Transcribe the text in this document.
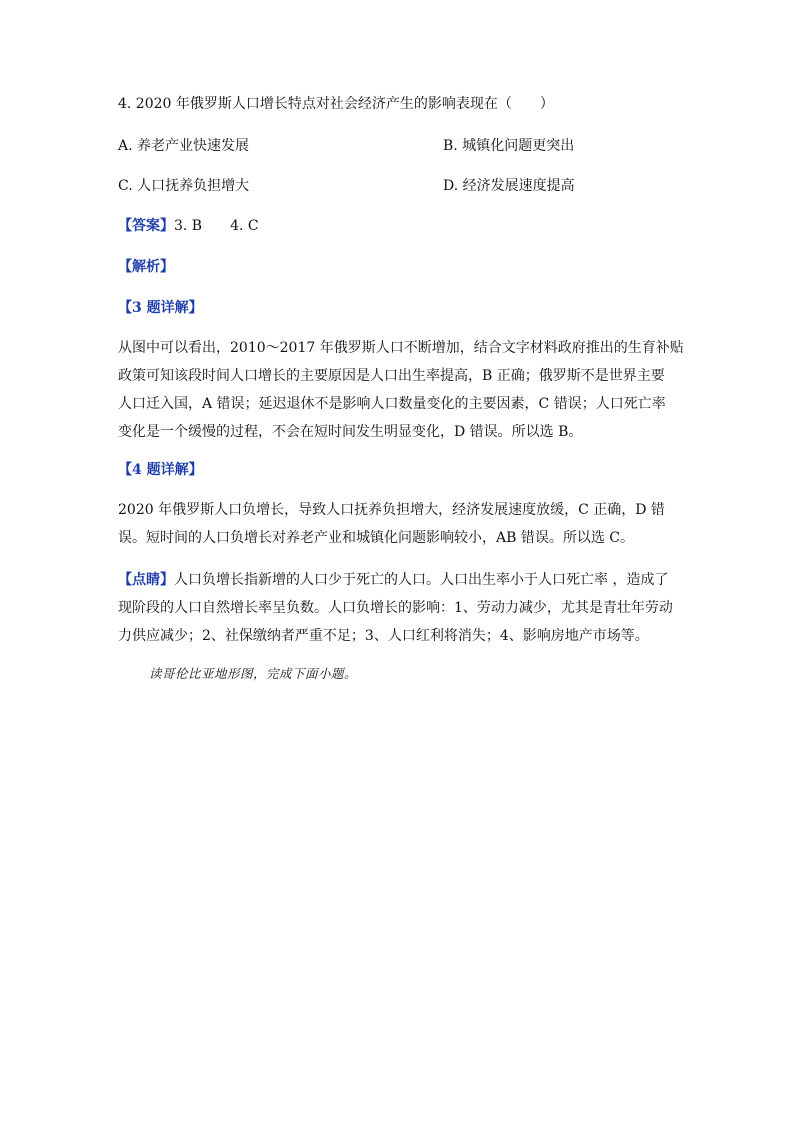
4. 2020 年俄罗斯人口增长特点对社会经济产生的影响表现在（　　）
A. 养老产业快速发展	B. 城镇化问题更突出
C. 人口抚养负担增大	D. 经济发展速度提高
【答案】3. B 4. C
【解析】
【3 题详解】
从图中可以看出，2010～2017 年俄罗斯人口不断增加，结合文字材料政府推出的生育补贴
政策可知该段时间人口增长的主要原因是人口出生率提高，B 正确；俄罗斯不是世界主要
人口迁入国，A 错误；延迟退休不是影响人口数量变化的主要因素，C 错误；人口死亡率
变化是一个缓慢的过程，不会在短时间发生明显变化，D 错误。所以选 B。
【4 题详解】
2020 年俄罗斯人口负增长，导致人口抚养负担增大，经济发展速度放缓，C 正确，D 错
误。短时间的人口负增长对养老产业和城镇化问题影响较小，AB 错误。所以选 C。
【点睛】人口负增长指新增的人口少于死亡的人口。人口出生率小于人口死亡率 ，造成了
现阶段的人口自然增长率呈负数。人口负增长的影响：1、劳动力减少，尤其是青壮年劳动
力供应减少；2、社保缴纳者严重不足；3、人口红利将消失；4、影响房地产市场等。
读哥伦比亚地形图，完成下面小题。
